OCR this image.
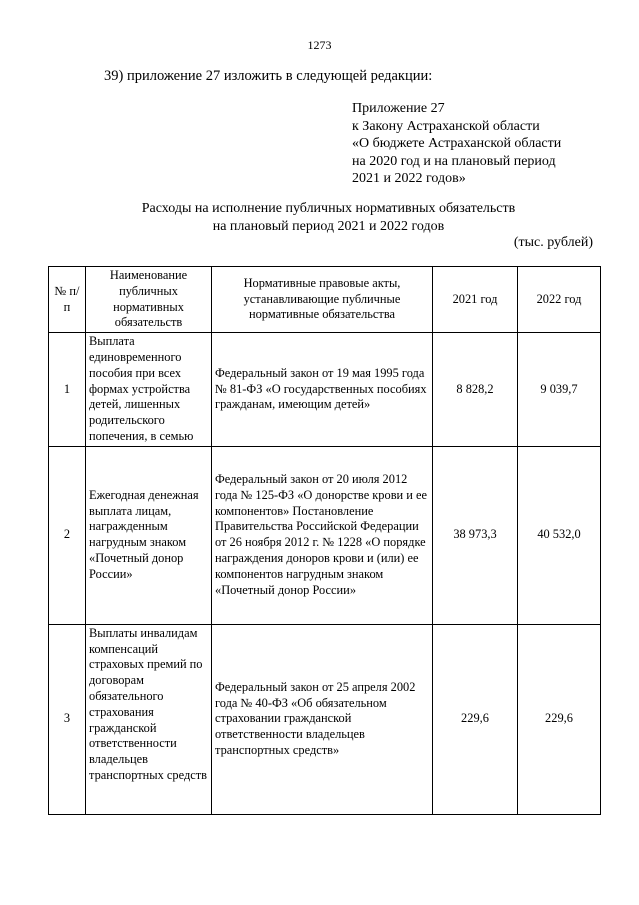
1273
39) приложение 27 изложить в следующей редакции:
Приложение 27
к Закону Астраханской области
«О бюджете Астраханской области
на 2020 год и на плановый период
2021 и 2022 годов»
Расходы на исполнение публичных нормативных обязательств
на плановый период 2021 и 2022 годов
(тыс. рублей)
№ п/п	Наименование публичных нормативных обязательств	Нормативные правовые акты, устанавливающие публичные нормативные обязательства	2021 год	2022 год
1	Выплата единовременного пособия при всех формах устройства детей, лишенных родительского попечения, в семью	Федеральный закон от 19 мая 1995 года № 81-ФЗ «О государственных пособиях гражданам, имеющим детей»	8 828,2	9 039,7
2	Ежегодная денежная выплата лицам, награжденным нагрудным знаком «Почетный донор России»	Федеральный закон от 20 июля 2012 года № 125-ФЗ «О донорстве крови и ее компонентов» Постановление Правительства Российской Федерации от 26 ноября 2012 г. № 1228 «О порядке награждения доноров крови и (или) ее компонентов нагрудным знаком «Почетный донор России»	38 973,3	40 532,0
3	Выплаты инвалидам компенсаций страховых премий по договорам обязательного страхования гражданской ответственности владельцев транспортных средств	Федеральный закон от 25 апреля 2002 года № 40-ФЗ «Об обязательном страховании гражданской ответственности владельцев транспортных средств»	229,6	229,6
